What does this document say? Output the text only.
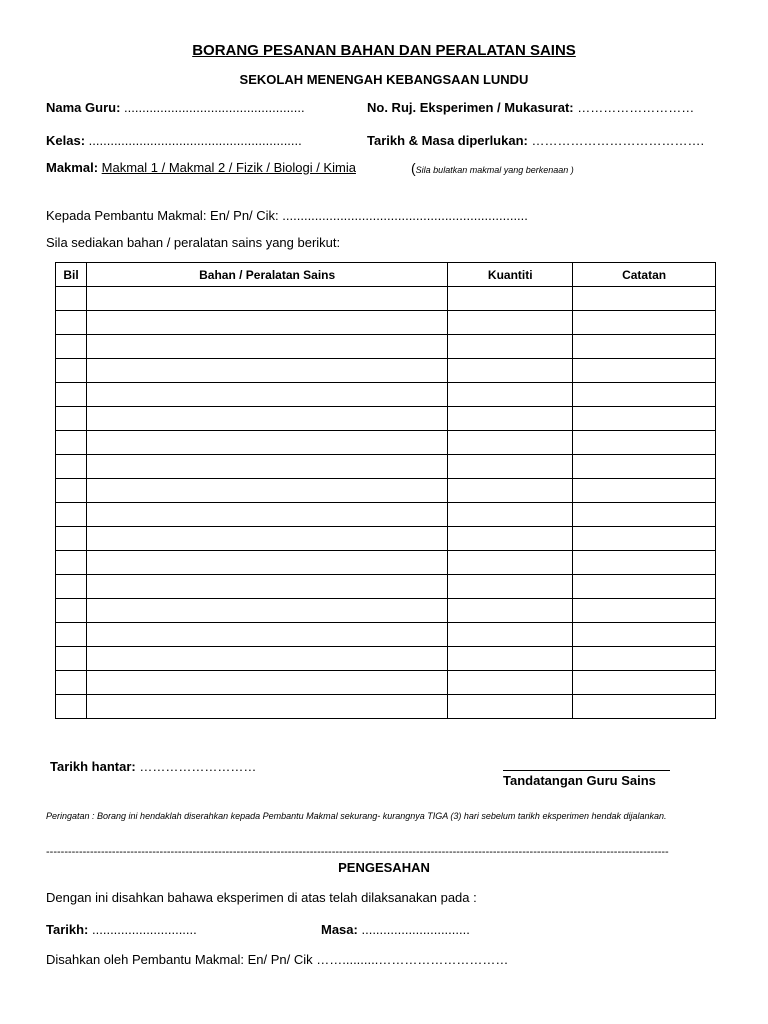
BORANG PESANAN BAHAN DAN PERALATAN SAINS
SEKOLAH MENENGAH KEBANGSAAN LUNDU
Nama Guru: ..................................................	No. Ruj. Eksperimen / Mukasurat: ………………………
Kelas: ...........................................................	Tarikh & Masa diperlukan: ………………………………….
Makmal: Makmal 1 / Makmal 2 / Fizik / Biologi / Kimia	(Sila bulatkan makmal yang berkenaan )
Kepada Pembantu Makmal: En/ Pn/ Cik: ....................................................................
Sila sediakan bahan / peralatan sains yang berikut:
Bil	Bahan / Peralatan Sains	Kuantiti	Catatan

Tarikh hantar: ………………………
Tandatangan Guru Sains
Peringatan : Borang ini hendaklah diserahkan kepada Pembantu Makmal sekurang- kurangnya TIGA (3) hari sebelum tarikh eksperimen hendak dijalankan.
--------------------------------------------------------------------------------------------------------------------------------------------------------------------------
PENGESAHAN
Dengan ini disahkan bahawa eksperimen di atas telah dilaksanakan pada :
Tarikh: .............................	Masa: ..............................
Disahkan oleh Pembantu Makmal: En/ Pn/ Cik ……..........…………………………
